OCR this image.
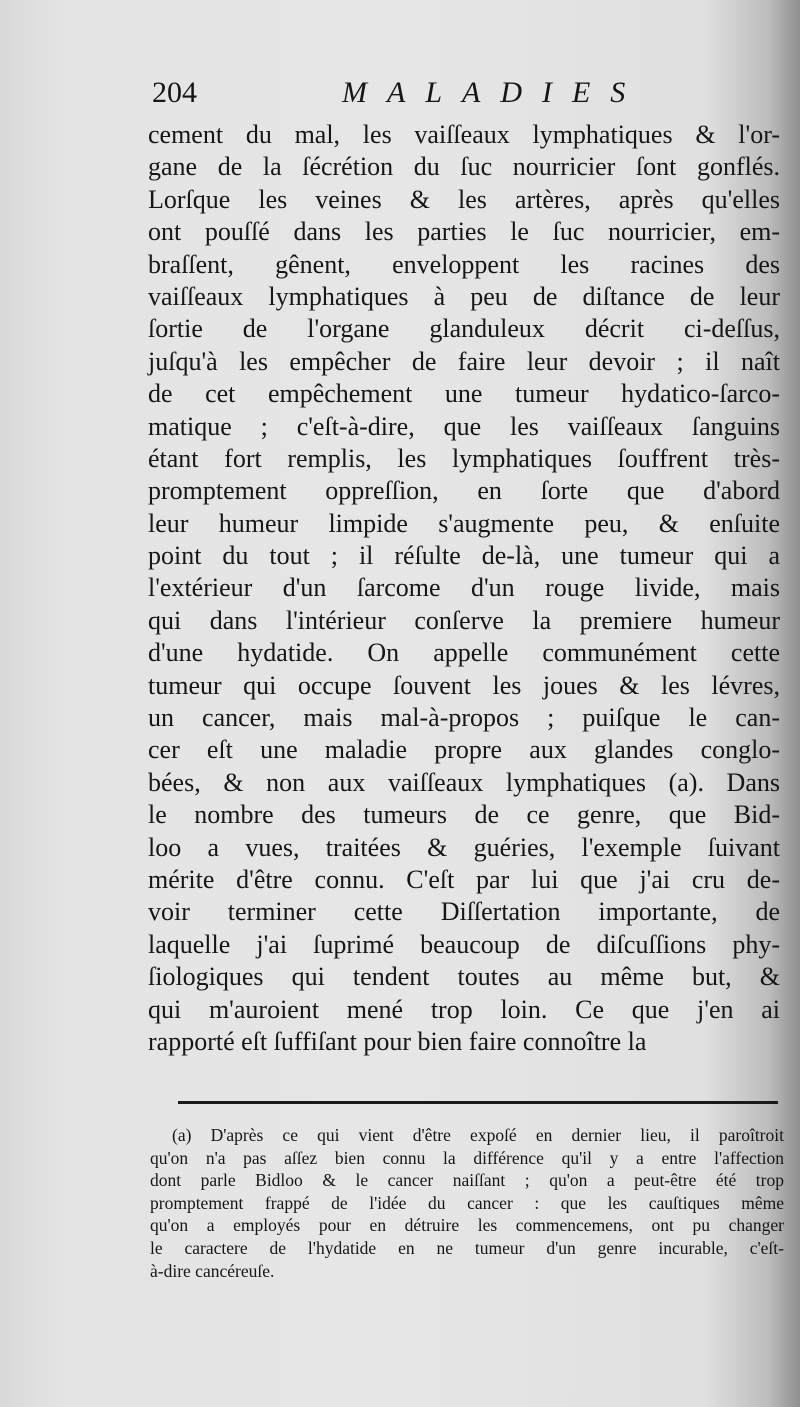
204	MALADIES
cement du mal, les vaiſſeaux lymphatiques & l'or-
gane de la ſécrétion du ſuc nourricier ſont gonflés.
Lorſque les veines & les artères, après qu'elles
ont pouſſé dans les parties le ſuc nourricier, em-
braſſent, gênent, enveloppent les racines des
vaiſſeaux lymphatiques à peu de diſtance de leur
ſortie de l'organe glanduleux décrit ci-deſſus,
juſqu'à les empêcher de faire leur devoir ; il naît
de cet empêchement une tumeur hydatico-ſarco-
matique ; c'eſt-à-dire, que les vaiſſeaux ſanguins
étant fort remplis, les lymphatiques ſouffrent très-
promptement oppreſſion, en ſorte que d'abord
leur humeur limpide s'augmente peu, & enſuite
point du tout ; il réſulte de-là, une tumeur qui a
l'extérieur d'un ſarcome d'un rouge livide, mais
qui dans l'intérieur conſerve la premiere humeur
d'une hydatide. On appelle communément cette
tumeur qui occupe ſouvent les joues & les lévres,
un cancer, mais mal-à-propos ; puiſque le can-
cer eſt une maladie propre aux glandes conglo-
bées, & non aux vaiſſeaux lymphatiques (a). Dans
le nombre des tumeurs de ce genre, que Bid-
loo a vues, traitées & guéries, l'exemple ſuivant
mérite d'être connu. C'eſt par lui que j'ai cru de-
voir terminer cette Diſſertation importante, de
laquelle j'ai ſuprimé beaucoup de diſcuſſions phy-
ſiologiques qui tendent toutes au même but, &
qui m'auroient mené trop loin. Ce que j'en ai
rapporté eſt ſuffiſant pour bien faire connoître la
(a) D'après ce qui vient d'être expoſé en dernier lieu, il paroîtroit
qu'on n'a pas aſſez bien connu la différence qu'il y a entre l'affection
dont parle Bidloo & le cancer naiſſant ; qu'on a peut-être été trop
promptement frappé de l'idée du cancer : que les cauſtiques même
qu'on a employés pour en détruire les commencemens, ont pu changer
le caractere de l'hydatide en ne tumeur d'un genre incurable, c'eſt-
à-dire cancéreuſe.
